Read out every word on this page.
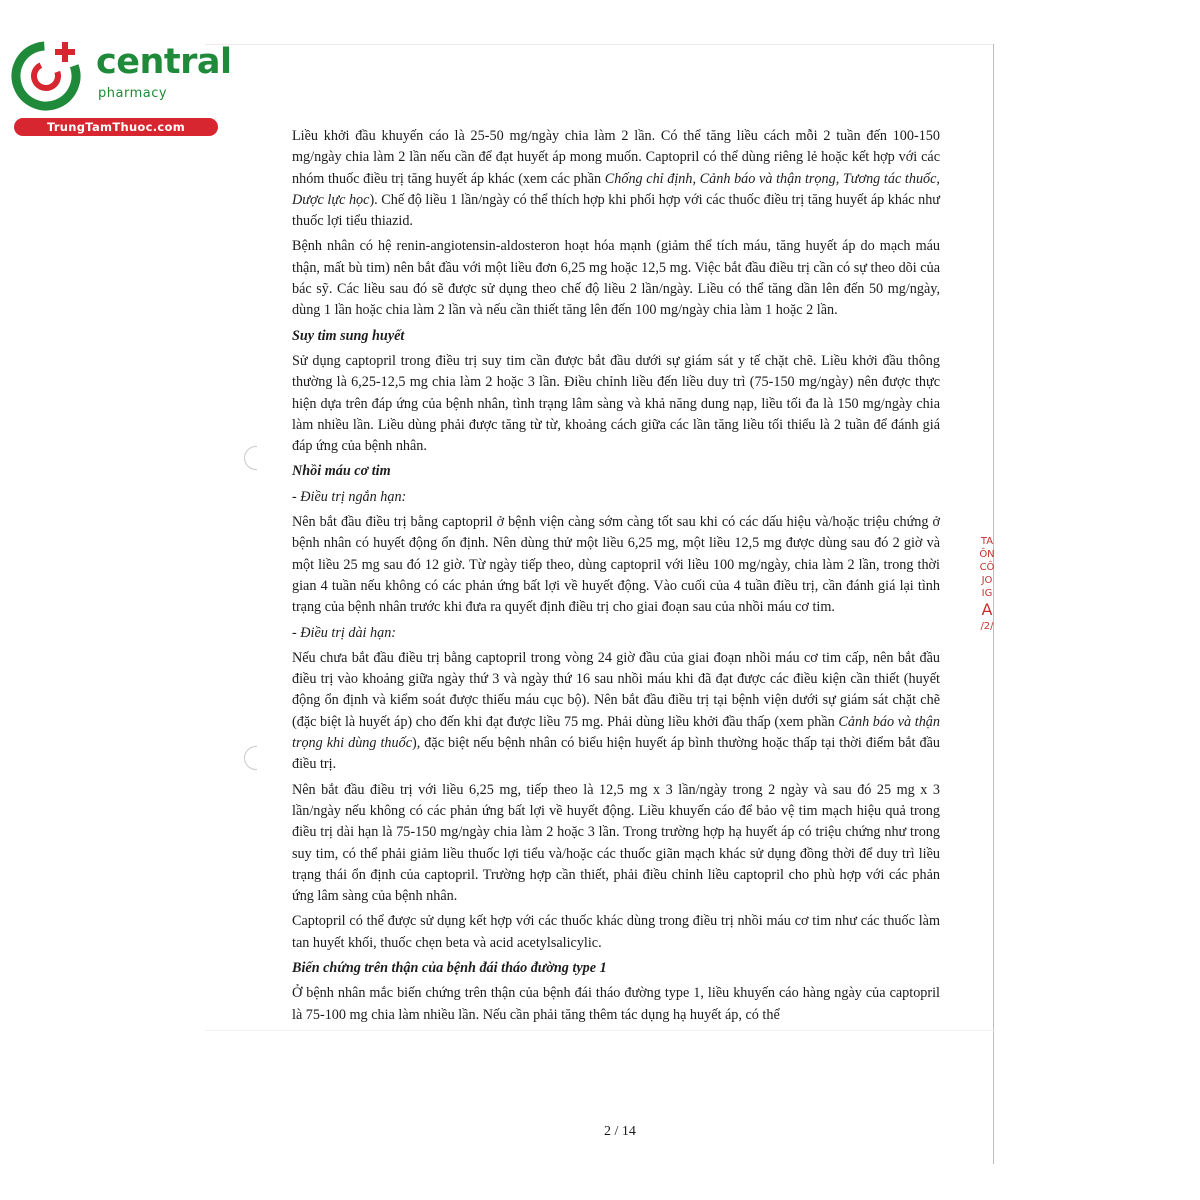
central
pharmacy
TrungTamThuoc.com

Liều khởi đầu khuyến cáo là 25-50 mg/ngày chia làm 2 lần. Có thể tăng liều cách mỗi 2 tuần đến 100-150 mg/ngày chia làm 2 lần nếu cần để đạt huyết áp mong muốn. Captopril có thể dùng riêng lẻ hoặc kết hợp với các nhóm thuốc điều trị tăng huyết áp khác (xem các phần Chống chỉ định, Cảnh báo và thận trọng, Tương tác thuốc, Dược lực học). Chế độ liều 1 lần/ngày có thể thích hợp khi phối hợp với các thuốc điều trị tăng huyết áp khác như thuốc lợi tiểu thiazid.

Bệnh nhân có hệ renin-angiotensin-aldosteron hoạt hóa mạnh (giảm thể tích máu, tăng huyết áp do mạch máu thận, mất bù tim) nên bắt đầu với một liều đơn 6,25 mg hoặc 12,5 mg. Việc bắt đầu điều trị cần có sự theo dõi của bác sỹ. Các liều sau đó sẽ được sử dụng theo chế độ liều 2 lần/ngày. Liều có thể tăng dần lên đến 50 mg/ngày, dùng 1 lần hoặc chia làm 2 lần và nếu cần thiết tăng lên đến 100 mg/ngày chia làm 1 hoặc 2 lần.

Suy tim sung huyết

Sử dụng captopril trong điều trị suy tim cần được bắt đầu dưới sự giám sát y tế chặt chẽ. Liều khởi đầu thông thường là 6,25-12,5 mg chia làm 2 hoặc 3 lần. Điều chỉnh liều đến liều duy trì (75-150 mg/ngày) nên được thực hiện dựa trên đáp ứng của bệnh nhân, tình trạng lâm sàng và khả năng dung nạp, liều tối đa là 150 mg/ngày chia làm nhiều lần. Liều dùng phải được tăng từ từ, khoảng cách giữa các lần tăng liều tối thiểu là 2 tuần để đánh giá đáp ứng của bệnh nhân.

Nhồi máu cơ tim
- Điều trị ngắn hạn:

Nên bắt đầu điều trị bằng captopril ở bệnh viện càng sớm càng tốt sau khi có các dấu hiệu và/hoặc triệu chứng ở bệnh nhân có huyết động ổn định. Nên dùng thử một liều 6,25 mg, một liều 12,5 mg được dùng sau đó 2 giờ và một liều 25 mg sau đó 12 giờ. Từ ngày tiếp theo, dùng captopril với liều 100 mg/ngày, chia làm 2 lần, trong thời gian 4 tuần nếu không có các phản ứng bất lợi về huyết động. Vào cuối của 4 tuần điều trị, cần đánh giá lại tình trạng của bệnh nhân trước khi đưa ra quyết định điều trị cho giai đoạn sau của nhồi máu cơ tim.

- Điều trị dài hạn:

Nếu chưa bắt đầu điều trị bằng captopril trong vòng 24 giờ đầu của giai đoạn nhồi máu cơ tim cấp, nên bắt đầu điều trị vào khoảng giữa ngày thứ 3 và ngày thứ 16 sau nhồi máu khi đã đạt được các điều kiện cần thiết (huyết động ổn định và kiểm soát được thiếu máu cục bộ). Nên bắt đầu điều trị tại bệnh viện dưới sự giám sát chặt chẽ (đặc biệt là huyết áp) cho đến khi đạt được liều 75 mg. Phải dùng liều khởi đầu thấp (xem phần Cảnh báo và thận trọng khi dùng thuốc), đặc biệt nếu bệnh nhân có biểu hiện huyết áp bình thường hoặc thấp tại thời điểm bắt đầu điều trị.

Nên bắt đầu điều trị với liều 6,25 mg, tiếp theo là 12,5 mg x 3 lần/ngày trong 2 ngày và sau đó 25 mg x 3 lần/ngày nếu không có các phản ứng bất lợi về huyết động. Liều khuyến cáo để bảo vệ tim mạch hiệu quả trong điều trị dài hạn là 75-150 mg/ngày chia làm 2 hoặc 3 lần. Trong trường hợp hạ huyết áp có triệu chứng như trong suy tim, có thể phải giảm liều thuốc lợi tiểu và/hoặc các thuốc giãn mạch khác sử dụng đồng thời để duy trì liều trạng thái ổn định của captopril. Trường hợp cần thiết, phải điều chỉnh liều captopril cho phù hợp với các phản ứng lâm sàng của bệnh nhân.

Captopril có thể được sử dụng kết hợp với các thuốc khác dùng trong điều trị nhồi máu cơ tim như các thuốc làm tan huyết khối, thuốc chẹn beta và acid acetylsalicylic.

Biến chứng trên thận của bệnh đái tháo đường type 1

Ở bệnh nhân mắc biến chứng trên thận của bệnh đái tháo đường type 1, liều khuyến cáo hàng ngày của captopril là 75-100 mg chia làm nhiều lần. Nếu cần phải tăng thêm tác dụng hạ huyết áp, có thể

TA
ÔN
CÔ
JO
IG
A
/2/
2 / 14
